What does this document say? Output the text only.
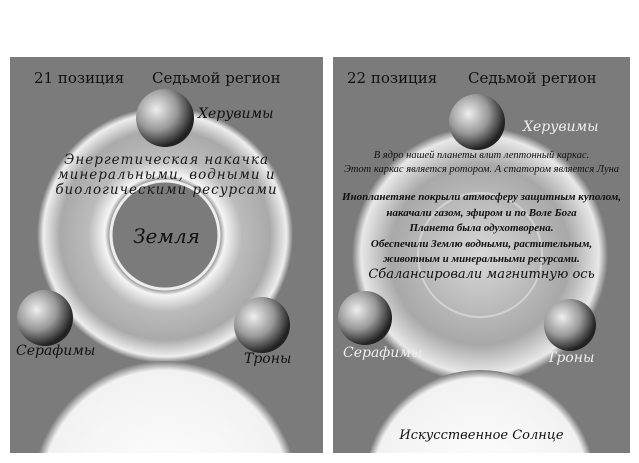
21 позиция Седьмой регион
Херувимы
Энергетическая накачка
минеральными, водными и
биологическими ресурсами
Земля
Серафимы	Троны
22 позиция Седьмой регион
Херувимы
В ядро нашей планеты влит лептонный каркас.
Этот каркас является ротором. А статором является Луна
Инопланетяне покрыли атмосферу защитным куполом,
накачали газом, эфиром и по Воле Бога
Планета была одухотворена.
Обеспечили Землю водными, растительным,
животным и минеральными ресурсами.
Сбалансировали магнитную ось
Серафимы	Троны
Искусственное Солнце
